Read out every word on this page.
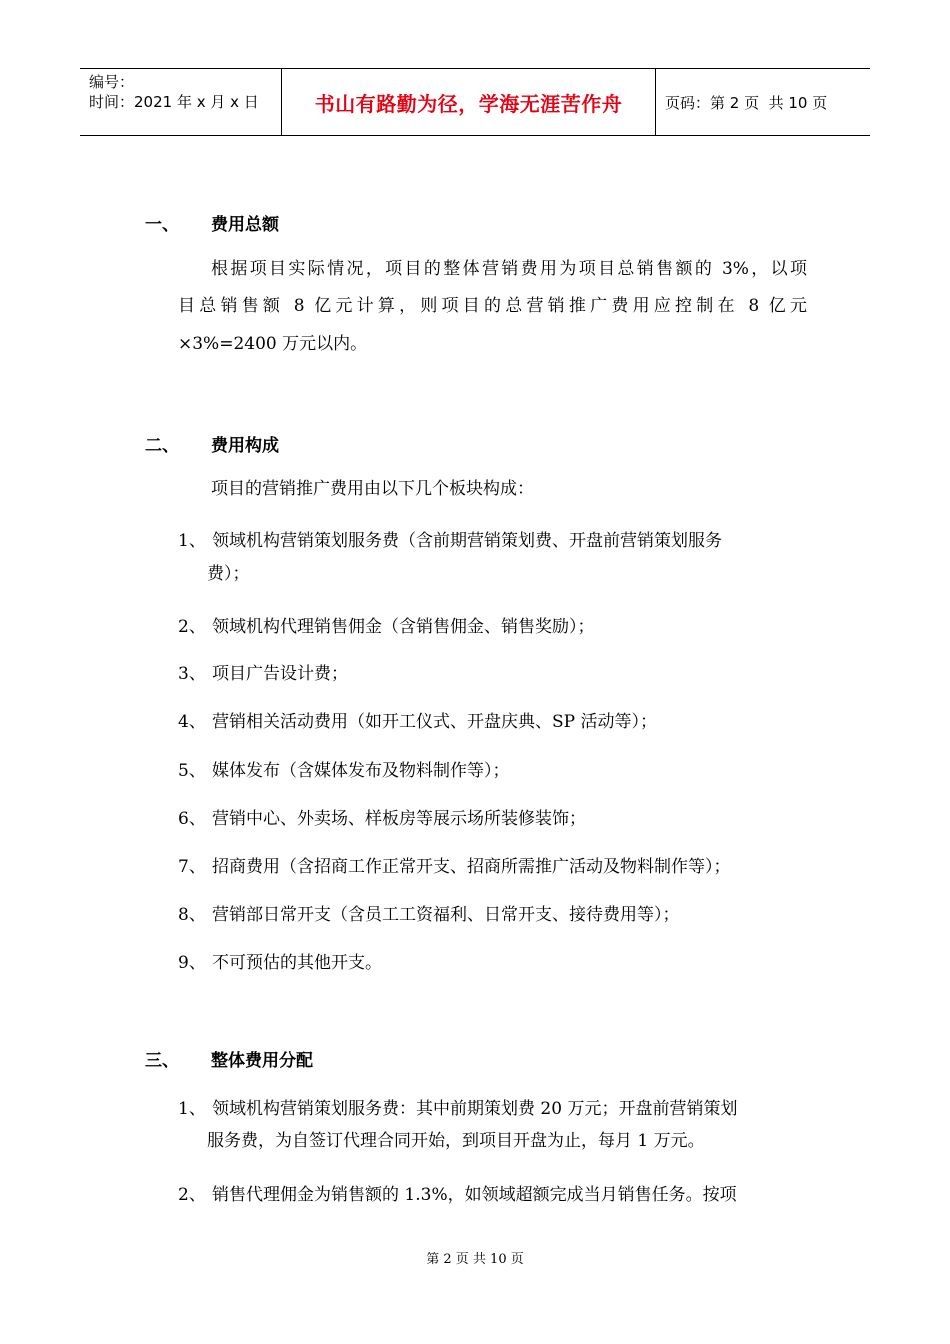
编号：
时间：2021 年 x 月 x 日	书山有路勤为径，学海无涯苦作舟	页码：第 2 页  共 10 页
一、 费用总额
根据项目实际情况，项目的整体营销费用为项目总销售额的 3%，以项
目总销售额 8 亿元计算，则项目的总营销推广费用应控制在 8 亿元
×3%=2400 万元以内。
二、 费用构成
项目的营销推广费用由以下几个板块构成：
1、 领域机构营销策划服务费（含前期营销策划费、开盘前营销策划服务
费）；
2、 领域机构代理销售佣金（含销售佣金、销售奖励）；
3、 项目广告设计费；
4、 营销相关活动费用（如开工仪式、开盘庆典、SP 活动等）；
5、 媒体发布（含媒体发布及物料制作等）；
6、 营销中心、外卖场、样板房等展示场所装修装饰；
7、 招商费用（含招商工作正常开支、招商所需推广活动及物料制作等）；
8、 营销部日常开支（含员工工资福利、日常开支、接待费用等）；
9、 不可预估的其他开支。
三、 整体费用分配
1、 领域机构营销策划服务费：其中前期策划费 20 万元；开盘前营销策划
服务费，为自签订代理合同开始，到项目开盘为止，每月 1 万元。
2、 销售代理佣金为销售额的 1.3%，如领域超额完成当月销售任务。按项
第 2 页 共 10 页
